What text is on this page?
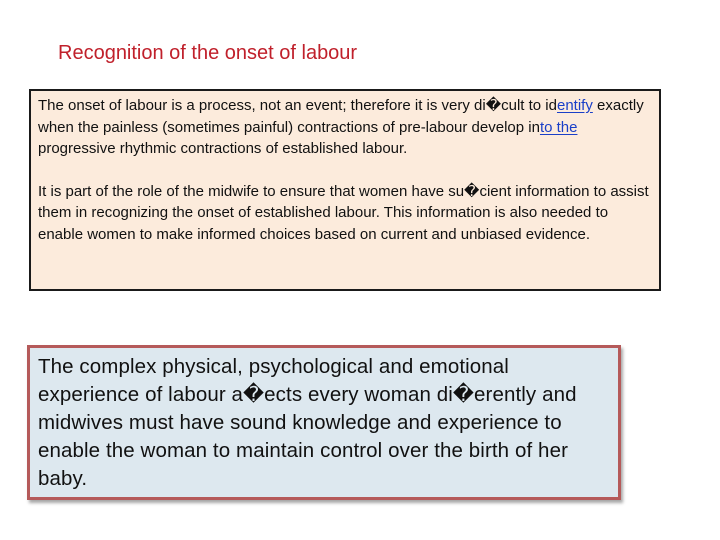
Recognition of the onset of labour

The onset of labour is a process, not an event; therefore it is very di�cult to identify exactly when the painless (sometimes painful) contractions of pre-labour develop into the progressive rhythmic contractions of established labour.

It is part of the role of the midwife to ensure that women have su�cient information to assist them in recognizing the onset of established labour. This information is also needed to enable women to make informed choices based on current and unbiased evidence.

The complex physical, psychological and emotional experience of labour a�ects every woman di�erently and midwives must have sound knowledge and experience to enable the woman to maintain control over the birth of her baby.
